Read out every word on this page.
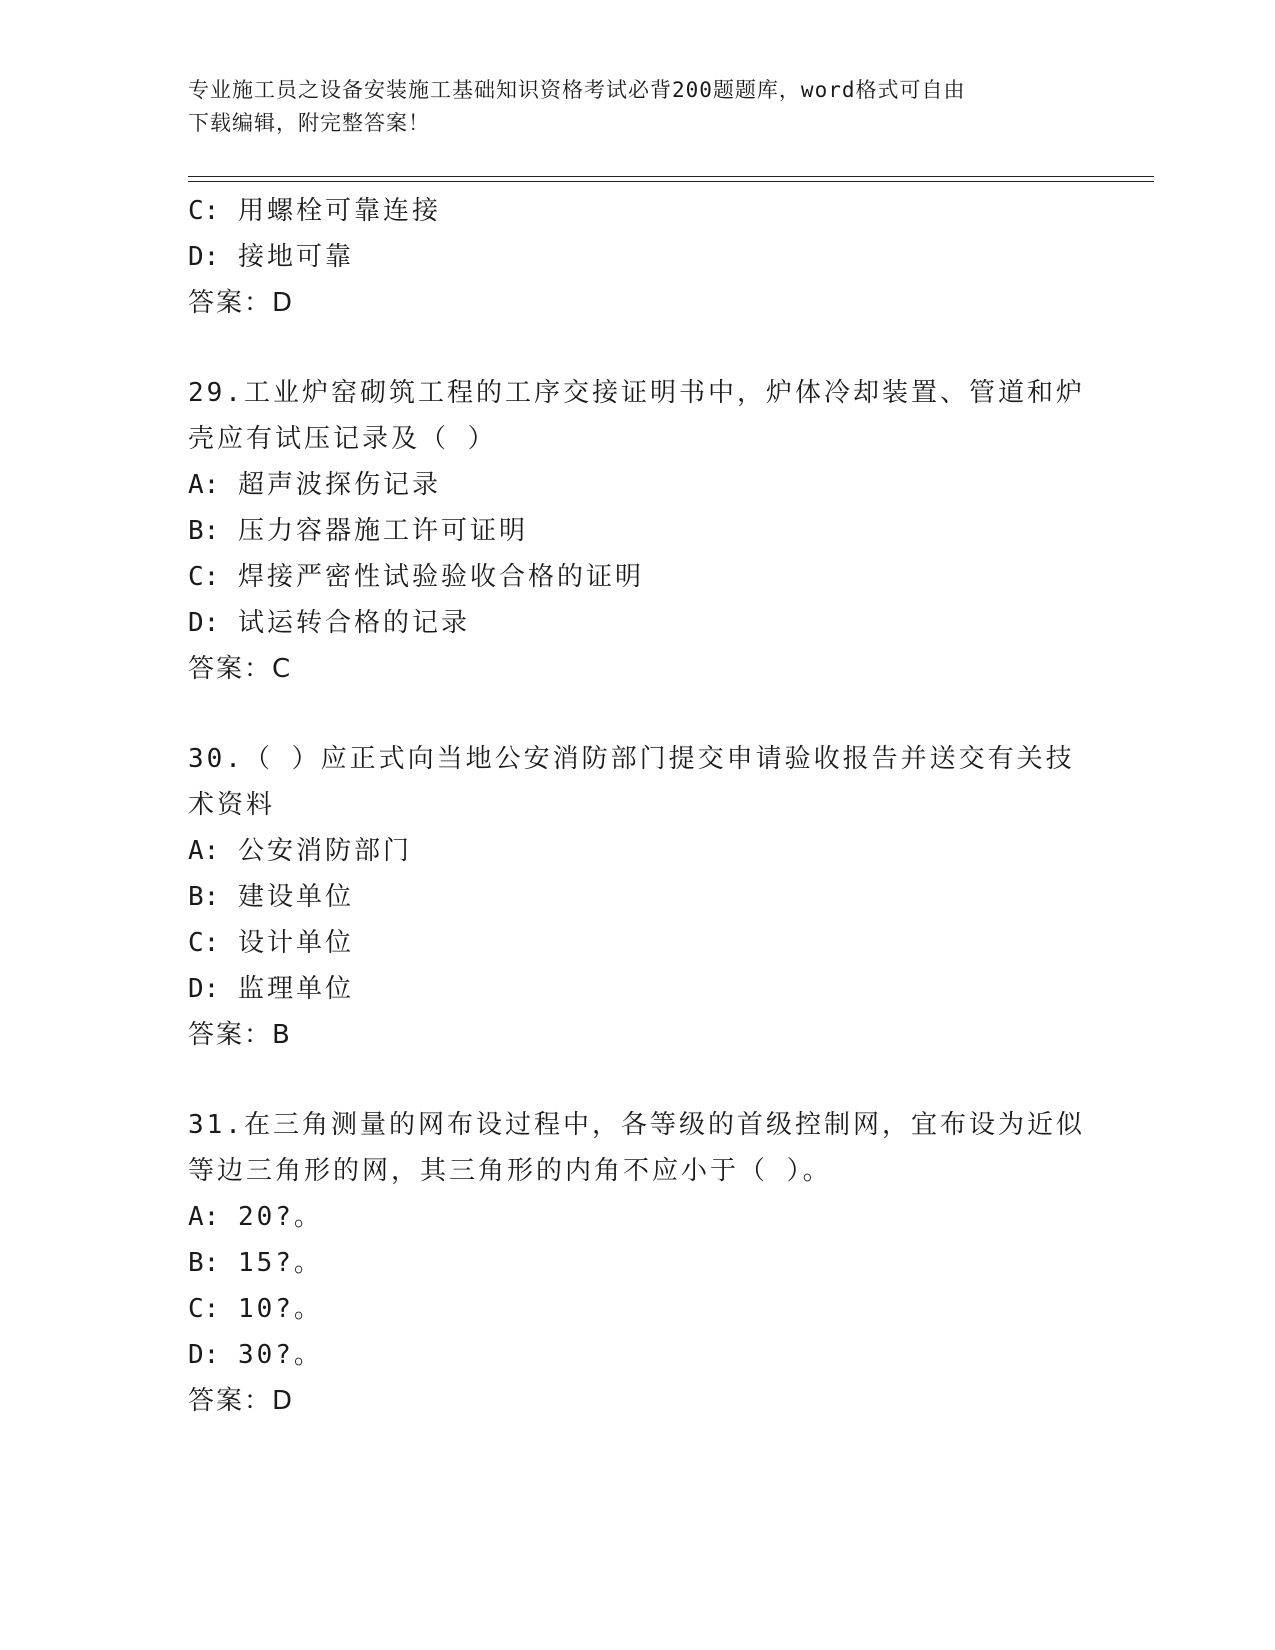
专业施工员之设备安装施工基础知识资格考试必背200题题库，word格式可自由
下载编辑，附完整答案！

C: 用螺栓可靠连接

D: 接地可靠

答案：D

29.工业炉窑砌筑工程的工序交接证明书中，炉体冷却装置、管道和炉

壳应有试压记录及（ ）

A: 超声波探伤记录

B: 压力容器施工许可证明

C: 焊接严密性试验验收合格的证明

D: 试运转合格的记录

答案：C

30.（ ）应正式向当地公安消防部门提交申请验收报告并送交有关技

术资料

A: 公安消防部门

B: 建设单位

C: 设计单位

D: 监理单位

答案：B

31.在三角测量的网布设过程中，各等级的首级控制网，宜布设为近似

等边三角形的网，其三角形的内角不应小于（ ）。

A: 20?。

B: 15?。

C: 10?。

D: 30?。

答案：D
